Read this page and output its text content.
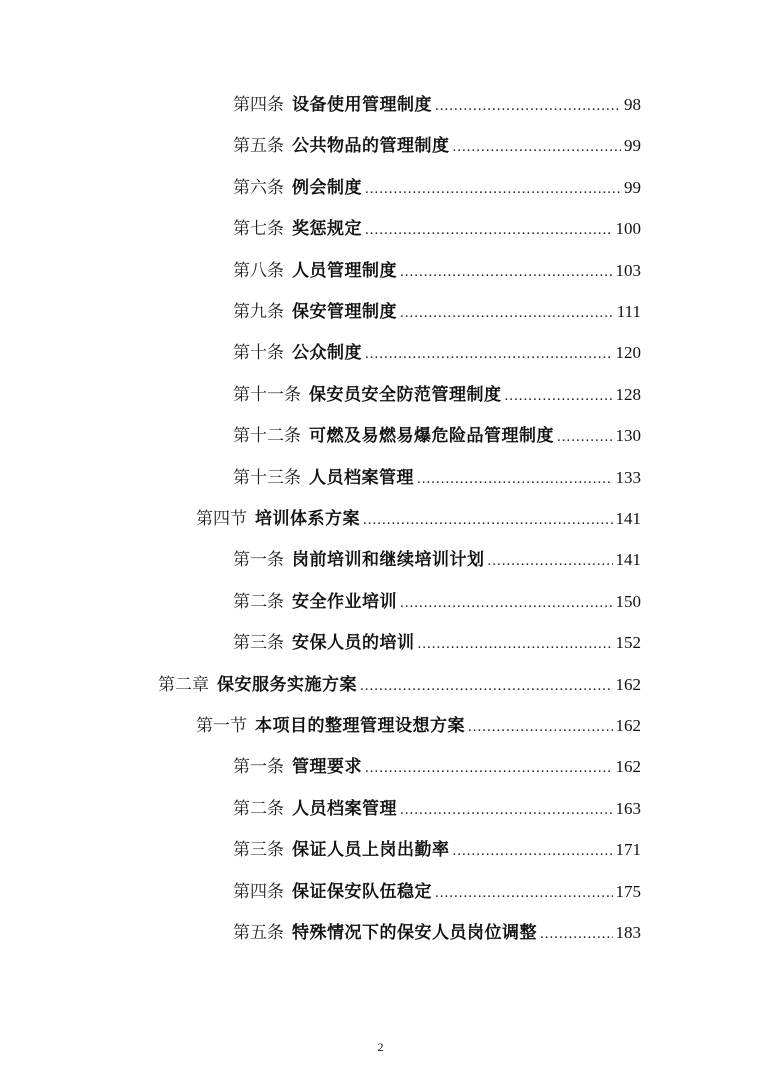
第四条 设备使用管理制度 .....	98
第五条 公共物品的管理制度 .....	99
第六条 例会制度 .....	99
第七条 奖惩规定 .....	100
第八条 人员管理制度 .....	103
第九条 保安管理制度 .....	111
第十条 公众制度 .....	120
第十一条 保安员安全防范管理制度 .....	128
第十二条 可燃及易燃易爆危险品管理制度 .....	130
第十三条 人员档案管理 .....	133
第四节 培训体系方案 .....	141
第一条 岗前培训和继续培训计划 .....	141
第二条 安全作业培训 .....	150
第三条 安保人员的培训 .....	152
第二章 保安服务实施方案 .....	162
第一节 本项目的整理管理设想方案 .....	162
第一条 管理要求 .....	162
第二条 人员档案管理 .....	163
第三条 保证人员上岗出勤率 .....	171
第四条 保证保安队伍稳定 .....	175
第五条 特殊情况下的保安人员岗位调整 .....	183
2
